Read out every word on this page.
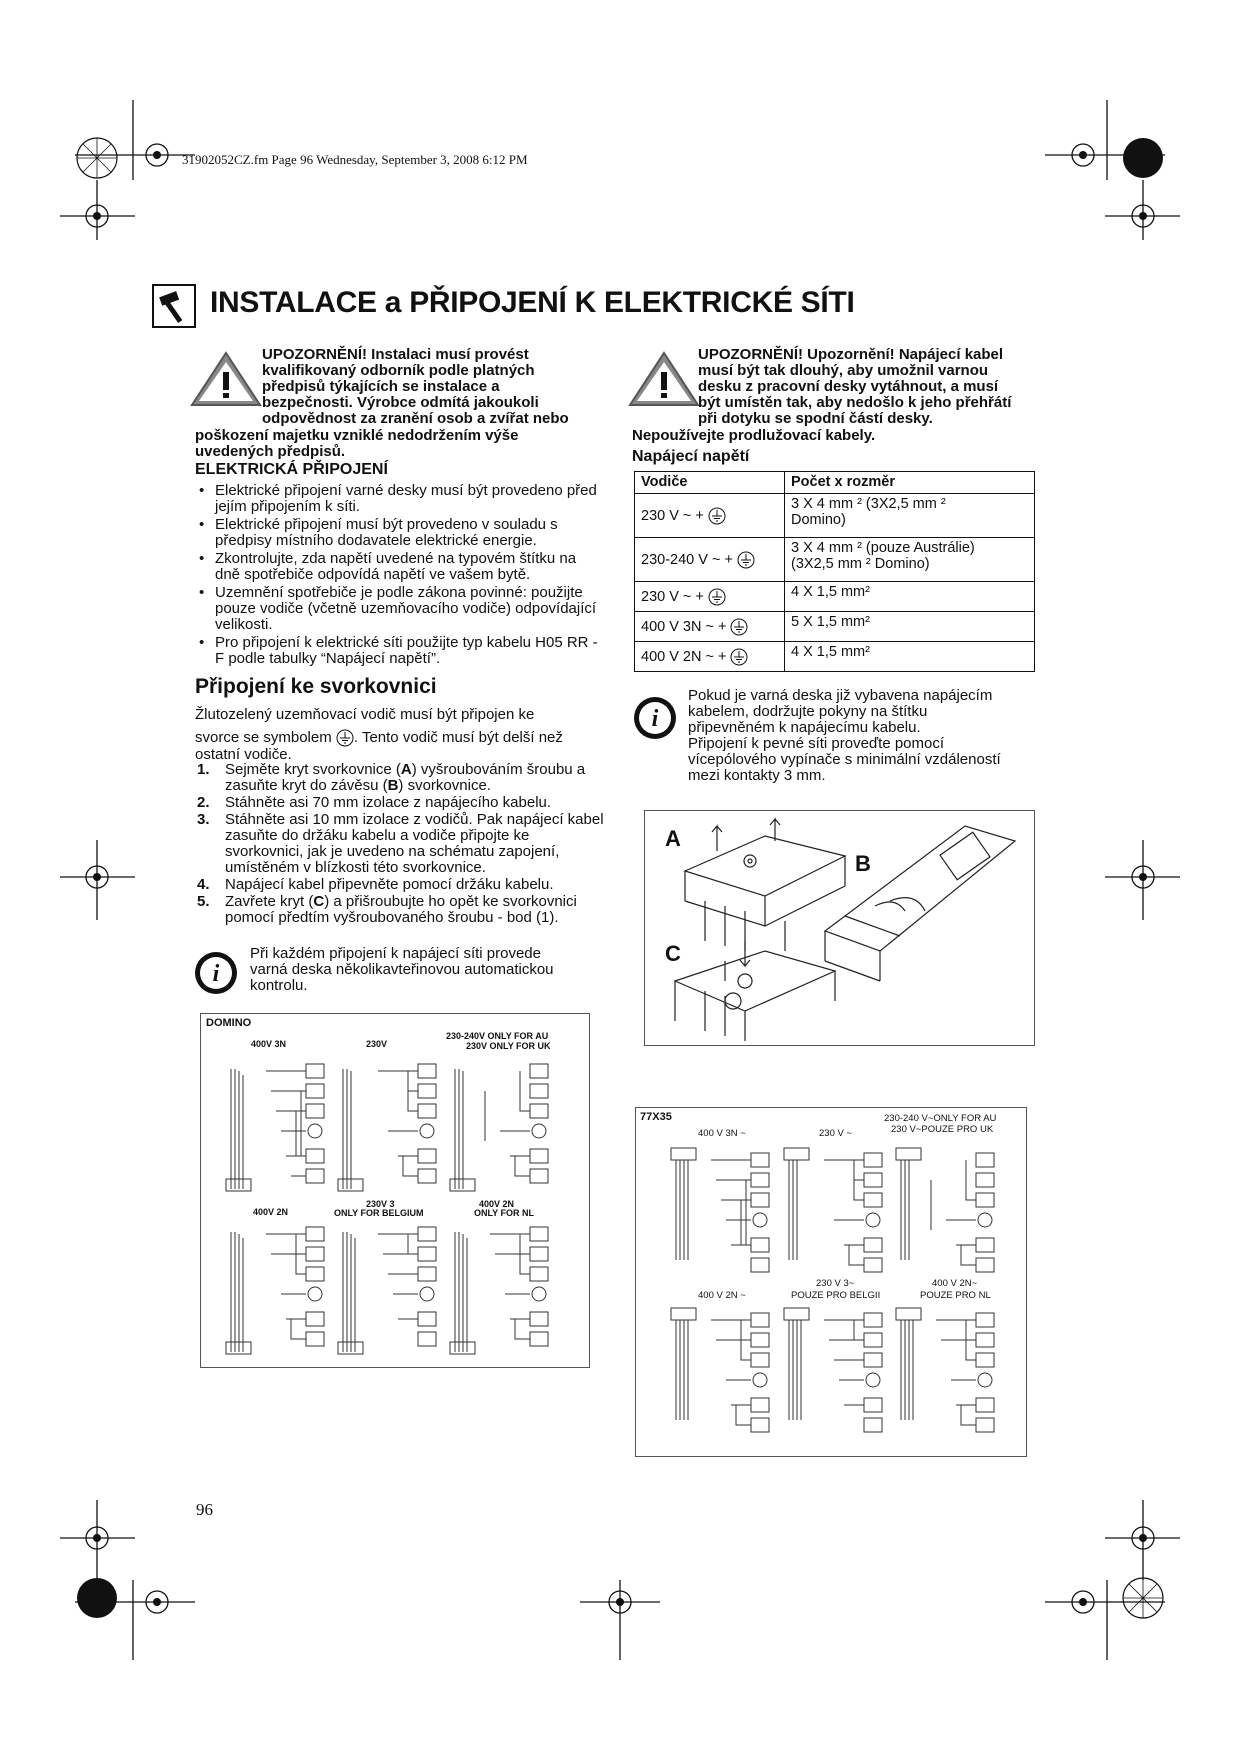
31902052CZ.fm Page 96 Wednesday, September 3, 2008 6:12 PM
INSTALACE a PŘIPOJENÍ K ELEKTRICKÉ SÍTI
UPOZORNĚNÍ! Instalaci musí provést
kvalifikovaný odborník podle platných
předpisů týkajících se instalace a
bezpečnosti. Výrobce odmítá jakoukoli
odpovědnost za zranění osob a zvířat nebo
poškození majetku vzniklé nedodržením výše
uvedených předpisů.
ELEKTRICKÁ PŘIPOJENÍ
• Elektrické připojení varné desky musí být provedeno před jejím připojením k síti.
• Elektrické připojení musí být provedeno v souladu s předpisy místního dodavatele elektrické energie.
• Zkontrolujte, zda napětí uvedené na typovém štítku na dně spotřebiče odpovídá napětí ve vašem bytě.
• Uzemnění spotřebiče je podle zákona povinné: použijte pouze vodiče (včetně uzemňovacího vodiče) odpovídající velikosti.
• Pro připojení k elektrické síti použijte typ kabelu H05 RR -F podle tabulky “Napájecí napětí”.
Připojení ke svorkovnici
Žlutozelený uzemňovací vodič musí být připojen ke
svorce se symbolem . Tento vodič musí být delší než
ostatní vodiče.
1. Sejměte kryt svorkovnice (A) vyšroubováním šroubu a zasuňte kryt do závěsu (B) svorkovnice.
2. Stáhněte asi 70 mm izolace z napájecího kabelu.
3. Stáhněte asi 10 mm izolace z vodičů. Pak napájecí kabel zasuňte do držáku kabelu a vodiče připojte ke svorkovnici, jak je uvedeno na schématu zapojení, umístěném v blízkosti této svorkovnice.
4. Napájecí kabel připevněte pomocí držáku kabelu.
5. Zavřete kryt (C) a přišroubujte ho opět ke svorkovnici pomocí předtím vyšroubovaného šroubu - bod (1).
i
Při každém připojení k napájecí síti provede
varná deska několikavteřinovou automatickou
kontrolu.
DOMINO
400V 3N	230V
230-240V ONLY FOR AU
230V ONLY FOR UK
400V 2N
230V 3
ONLY FOR BELGIUM
400V 2N
ONLY FOR NL
UPOZORNĚNÍ! Upozornění! Napájecí kabel
musí být tak dlouhý, aby umožnil varnou
desku z pracovní desky vytáhnout, a musí
být umístěn tak, aby nedošlo k jeho přehřátí
při dotyku se spodní částí desky.
Nepoužívejte prodlužovací kabely.
Napájecí napětí
Vodiče	Počet x rozměr
230 V ~ +	3 X 4 mm ² (3X2,5 mm ²
Domino)

230-240 V ~ +	3 X 4 mm ² (pouze Austrálie)
(3X2,5 mm ² Domino)

230 V ~ +	4 X 1,5 mm²

400 V 3N ~ +	5 X 1,5 mm²

400 V 2N ~ +	4 X 1,5 mm²
i
Pokud je varná deska již vybavena napájecím
kabelem, dodržujte pokyny na štítku
připevněném k napájecímu kabelu.
Připojení k pevné síti proveďte pomocí
vícepólového vypínače s minimální vzdáleností
mezi kontakty 3 mm.
A
B
C
77X35
400 V 3N ~	230 V ~
230-240 V~ONLY FOR AU
230 V~POUZE PRO UK
400 V 2N ~
230 V 3~
POUZE PRO BELGII
400 V 2N~
POUZE PRO NL
96
